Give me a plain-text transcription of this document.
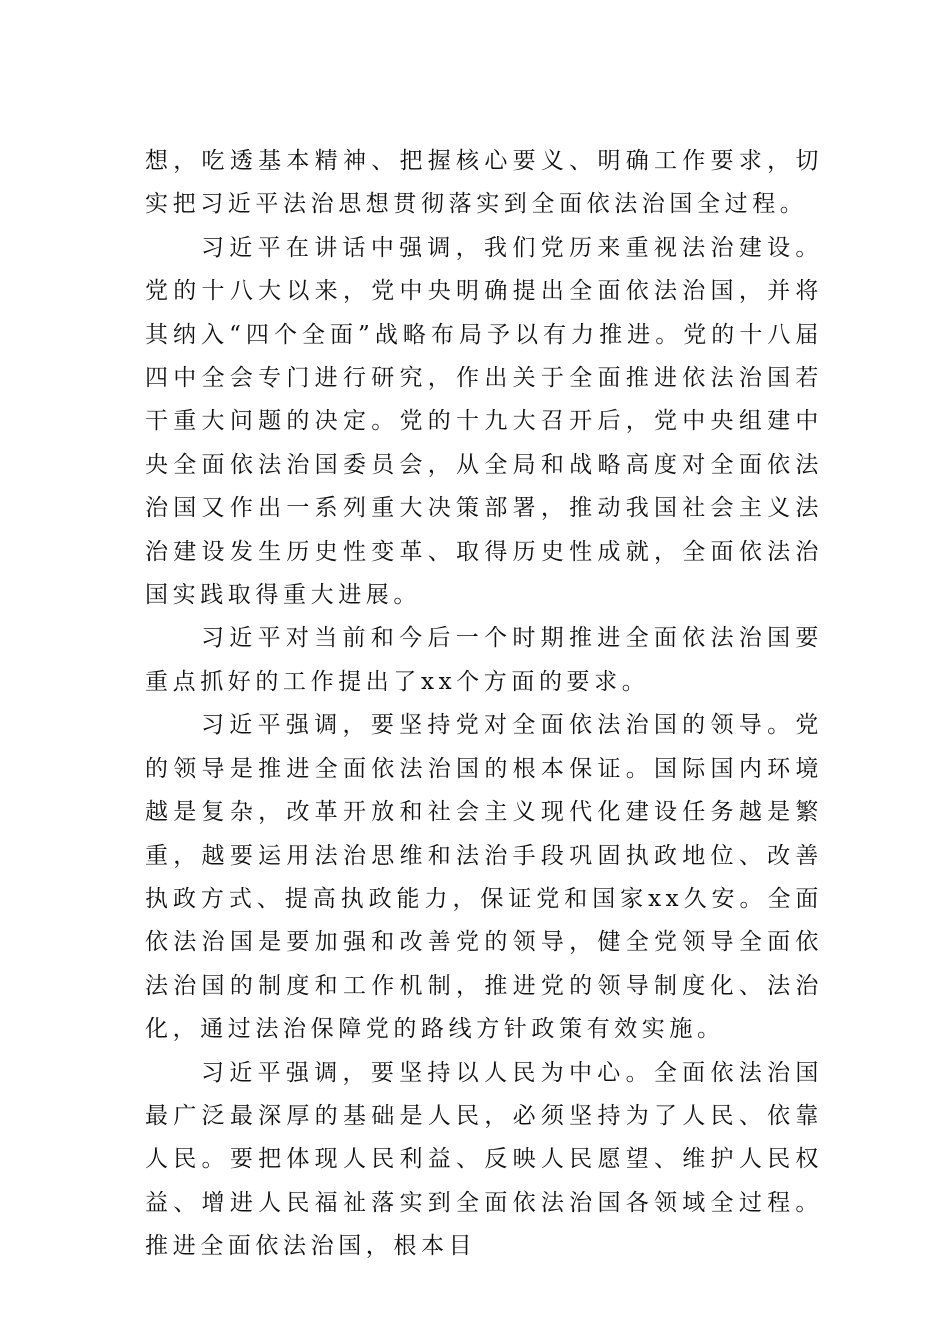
想，吃透基本精神、把握核心要义、明确工作要求，切实把习近平法治思想贯彻落实到全面依法治国全过程。

习近平在讲话中强调，我们党历来重视法治建设。党的十八大以来，党中央明确提出全面依法治国，并将其纳入“四个全面”战略布局予以有力推进。党的十八届四中全会专门进行研究，作出关于全面推进依法治国若干重大问题的决定。党的十九大召开后，党中央组建中央全面依法治国委员会，从全局和战略高度对全面依法治国又作出一系列重大决策部署，推动我国社会主义法治建设发生历史性变革、取得历史性成就，全面依法治国实践取得重大进展。

习近平对当前和今后一个时期推进全面依法治国要重点抓好的工作提出了xx个方面的要求。

习近平强调，要坚持党对全面依法治国的领导。党的领导是推进全面依法治国的根本保证。国际国内环境越是复杂，改革开放和社会主义现代化建设任务越是繁重，越要运用法治思维和法治手段巩固执政地位、改善执政方式、提高执政能力，保证党和国家xx久安。全面依法治国是要加强和改善党的领导，健全党领导全面依法治国的制度和工作机制，推进党的领导制度化、法治化，通过法治保障党的路线方针政策有效实施。

习近平强调，要坚持以人民为中心。全面依法治国最广泛最深厚的基础是人民，必须坚持为了人民、依靠人民。要把体现人民利益、反映人民愿望、维护人民权益、增进人民福祉落实到全面依法治国各领域全过程。推进全面依法治国，根本目
